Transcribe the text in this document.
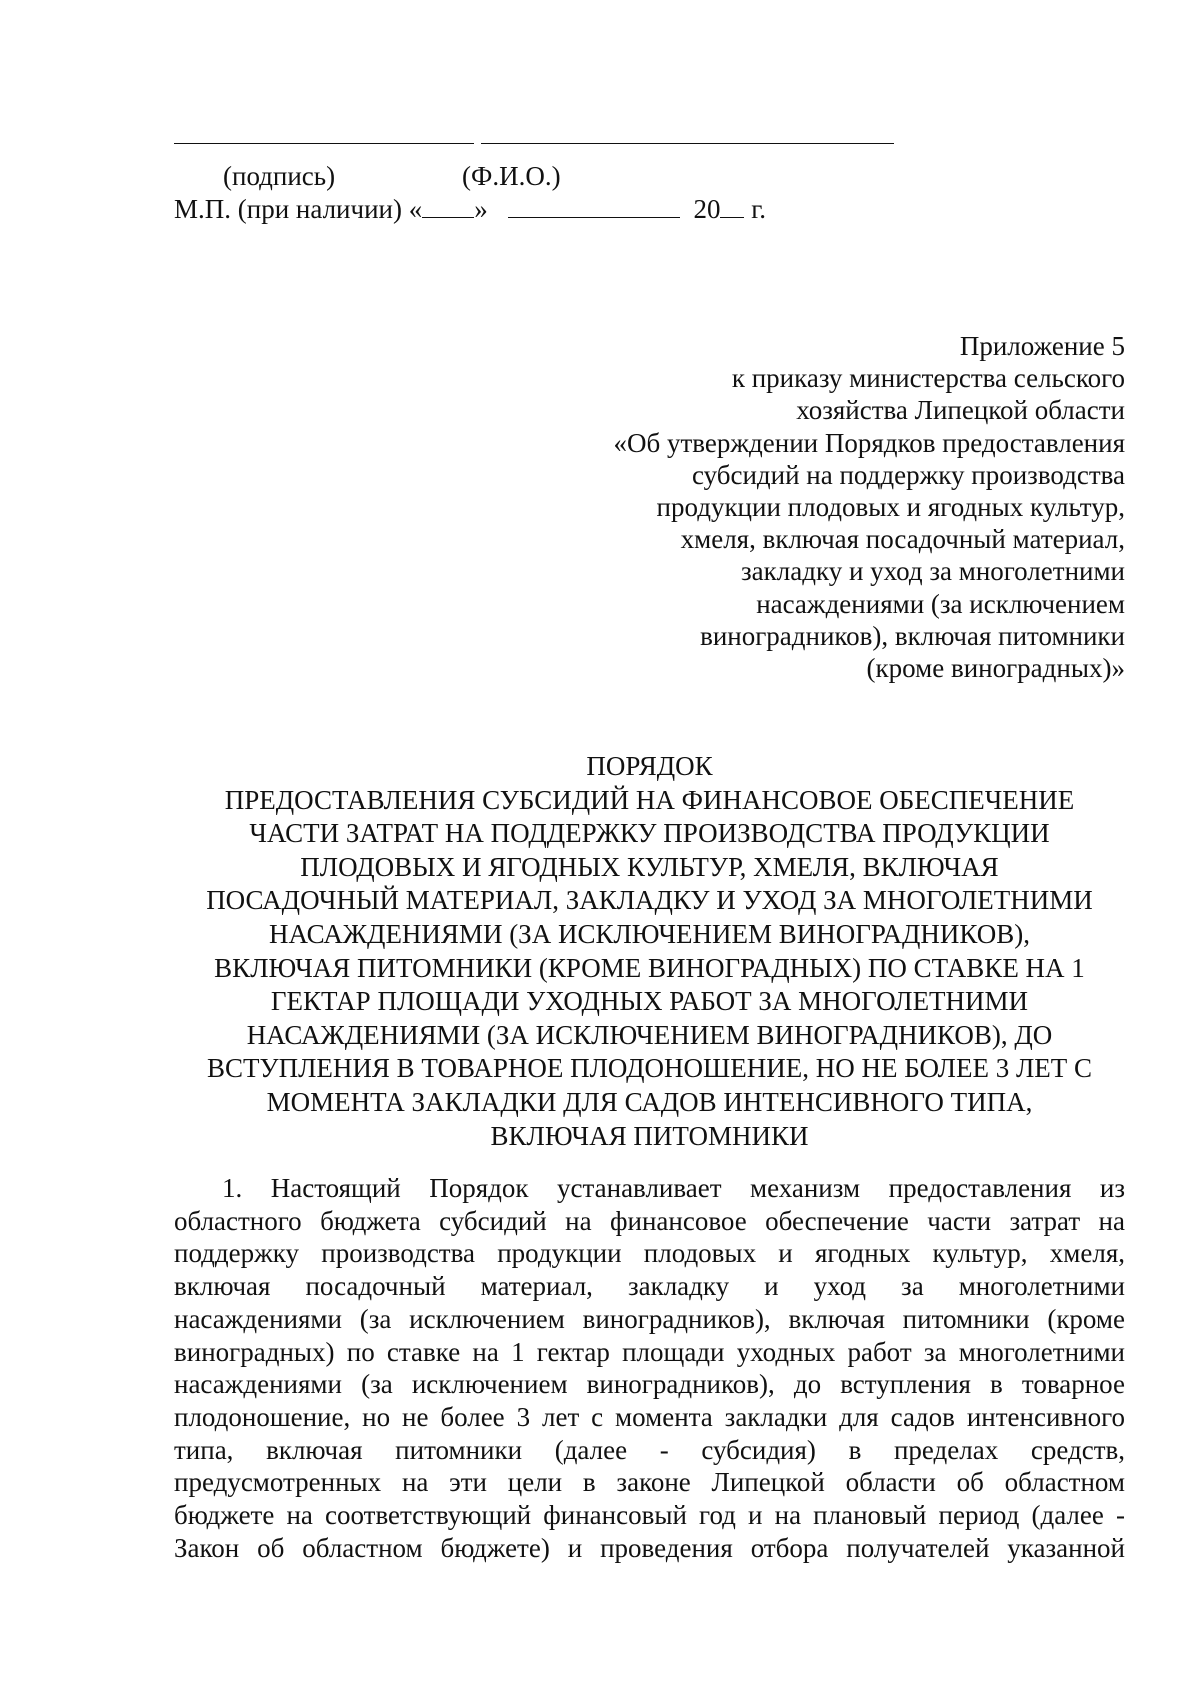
(подпись)	(Ф.И.О.)
М.П. (при наличии) « »	20 г.
Приложение 5
к приказу министерства сельского
хозяйства Липецкой области
«Об утверждении Порядков предоставления
субсидий на поддержку производства
продукции плодовых и ягодных культур,
хмеля, включая посадочный материал,
закладку и уход за многолетними
насаждениями (за исключением
виноградников), включая питомники
(кроме виноградных)»
ПОРЯДОК
ПРЕДОСТАВЛЕНИЯ СУБСИДИЙ НА ФИНАНСОВОЕ ОБЕСПЕЧЕНИЕ
ЧАСТИ ЗАТРАТ НА ПОДДЕРЖКУ ПРОИЗВОДСТВА ПРОДУКЦИИ
ПЛОДОВЫХ И ЯГОДНЫХ КУЛЬТУР, ХМЕЛЯ, ВКЛЮЧАЯ
ПОСАДОЧНЫЙ МАТЕРИАЛ, ЗАКЛАДКУ И УХОД ЗА МНОГОЛЕТНИМИ
НАСАЖДЕНИЯМИ (ЗА ИСКЛЮЧЕНИЕМ ВИНОГРАДНИКОВ),
ВКЛЮЧАЯ ПИТОМНИКИ (КРОМЕ ВИНОГРАДНЫХ) ПО СТАВКЕ НА 1
ГЕКТАР ПЛОЩАДИ УХОДНЫХ РАБОТ ЗА МНОГОЛЕТНИМИ
НАСАЖДЕНИЯМИ (ЗА ИСКЛЮЧЕНИЕМ ВИНОГРАДНИКОВ), ДО
ВСТУПЛЕНИЯ В ТОВАРНОЕ ПЛОДОНОШЕНИЕ, НО НЕ БОЛЕЕ 3 ЛЕТ С
МОМЕНТА ЗАКЛАДКИ ДЛЯ САДОВ ИНТЕНСИВНОГО ТИПА,
ВКЛЮЧАЯ ПИТОМНИКИ
1. Настоящий Порядок устанавливает механизм предоставления из
областного бюджета субсидий на финансовое обеспечение части затрат на
поддержку производства продукции плодовых и ягодных культур, хмеля,
включая посадочный материал, закладку и уход за многолетними
насаждениями (за исключением виноградников), включая питомники (кроме
виноградных) по ставке на 1 гектар площади уходных работ за многолетними
насаждениями (за исключением виноградников), до вступления в товарное
плодоношение, но не более 3 лет с момента закладки для садов интенсивного
типа, включая питомники (далее - субсидия) в пределах средств,
предусмотренных на эти цели в законе Липецкой области об областном
бюджете на соответствующий финансовый год и на плановый период (далее -
Закон об областном бюджете) и проведения отбора получателей указанной
